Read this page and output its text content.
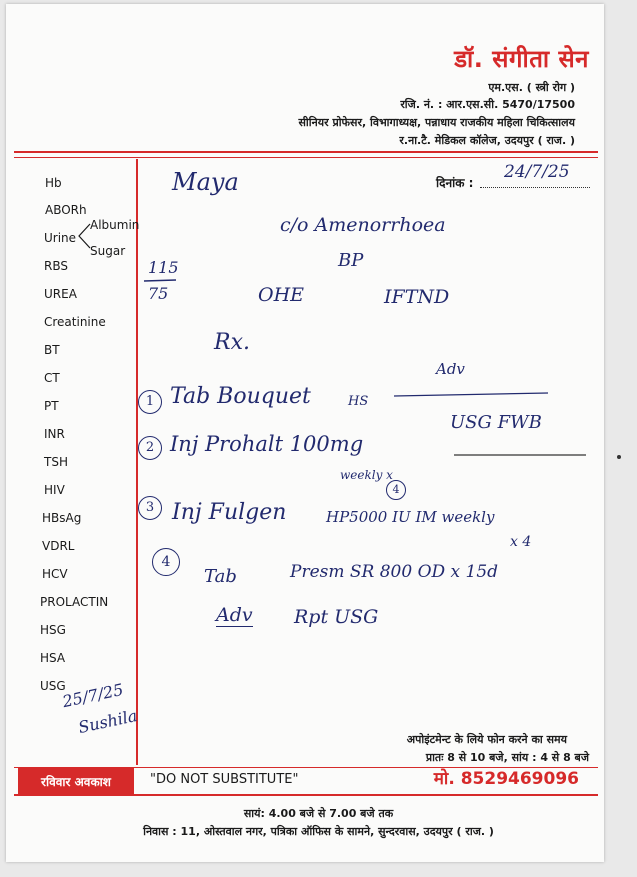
डॉ. संगीता सेन
एम.एस. ( स्त्री रोग )
रजि. नं. : आर.एस.सी. 5470/17500
सीनियर प्रोफेसर, विभागाध्यक्ष, पन्नाधाय राजकीय महिला चिकित्सालय
र.ना.टै. मेडिकल कॉलेज, उदयपुर ( राज. )
Hb
ABORh
Urine
Albumin
Sugar
RBS
UREA
Creatinine
BT
CT
PT
INR
TSH
HIV
HBsAg
VDRL
HCV
PROLACTIN
HSG
HSA
USG
दिनांक :
24/7/25
Maya
c/o Amenorrhoea
BP
115
75	OHE	IFTND
Rx.
1 Tab Bouquet	HS
Adv
USG FWB
2 Inj Prohalt 100mg
weekly x
4
3 Inj Fulgen	HP5000 IU IM weekly
x 4
4
Tab	Presm SR 800 OD x 15d
Adv Rpt USG
25/7/25
Sushila
अपोइंटमेन्ट के लिये फोन करने का समय
प्रातः 8 से 10 बजे, सांय : 4 से 8 बजे
मो. 8529469096
रविवार अवकाश	"DO NOT SUBSTITUTE"
सायं: 4.00 बजे से 7.00 बजे तक
निवास : 11, ओस्तवाल नगर, पत्रिका ऑफिस के सामने, सुन्दरवास, उदयपुर ( राज. )
